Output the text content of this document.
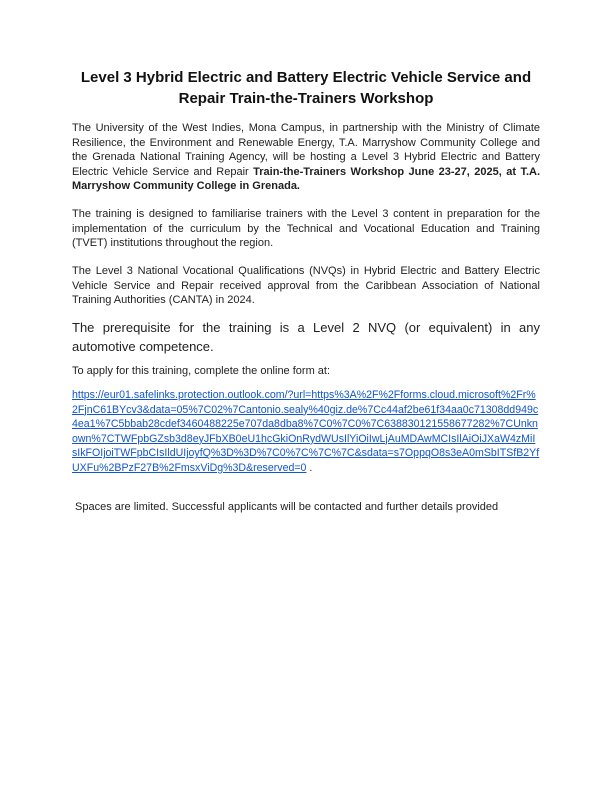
Level 3 Hybrid Electric and Battery Electric Vehicle Service and Repair Train-the-Trainers Workshop

The University of the West Indies, Mona Campus, in partnership with the Ministry of Climate Resilience, the Environment and Renewable Energy, T.A. Marryshow Community College and the Grenada National Training Agency, will be hosting a Level 3 Hybrid Electric and Battery Electric Vehicle Service and Repair Train-the-Trainers Workshop June 23-27, 2025, at T.A. Marryshow Community College in Grenada.

The training is designed to familiarise trainers with the Level 3 content in preparation for the implementation of the curriculum by the Technical and Vocational Education and Training (TVET) institutions throughout the region.

The Level 3 National Vocational Qualifications (NVQs) in Hybrid Electric and Battery Electric Vehicle Service and Repair received approval from the Caribbean Association of National Training Authorities (CANTA) in 2024.

The prerequisite for the training is a Level 2 NVQ (or equivalent) in any automotive competence.

To apply for this training, complete the online form at:

https://eur01.safelinks.protection.outlook.com/?url=https%3A%2F%2Fforms.cloud.microsoft%2Fr%2FjnC61BYcv3&data=05%7C02%7Cantonio.sealy%40giz.de%7Cc44af2be61f34aa0c71308dd949c4ea1%7C5bbab28cdef3460488225e707da8dba8%7C0%7C0%7C638830121558677282%7CUnknown%7CTWFpbGZsb3d8eyJFbXB0eU1hcGkiOnRydWUsIlYiOiIwLjAuMDAwMCIsIlAiOiJXaW4zMiIsIkFOIjoiTWFpbCIsIldUIjoyfQ%3D%3D%7C0%7C%7C%7C&sdata=s7OppqO8s3eA0mSbITSfB2YfUXFu%2BPzF27B%2FmsxViDg%3D&reserved=0 .

Spaces are limited. Successful applicants will be contacted and further details provided
